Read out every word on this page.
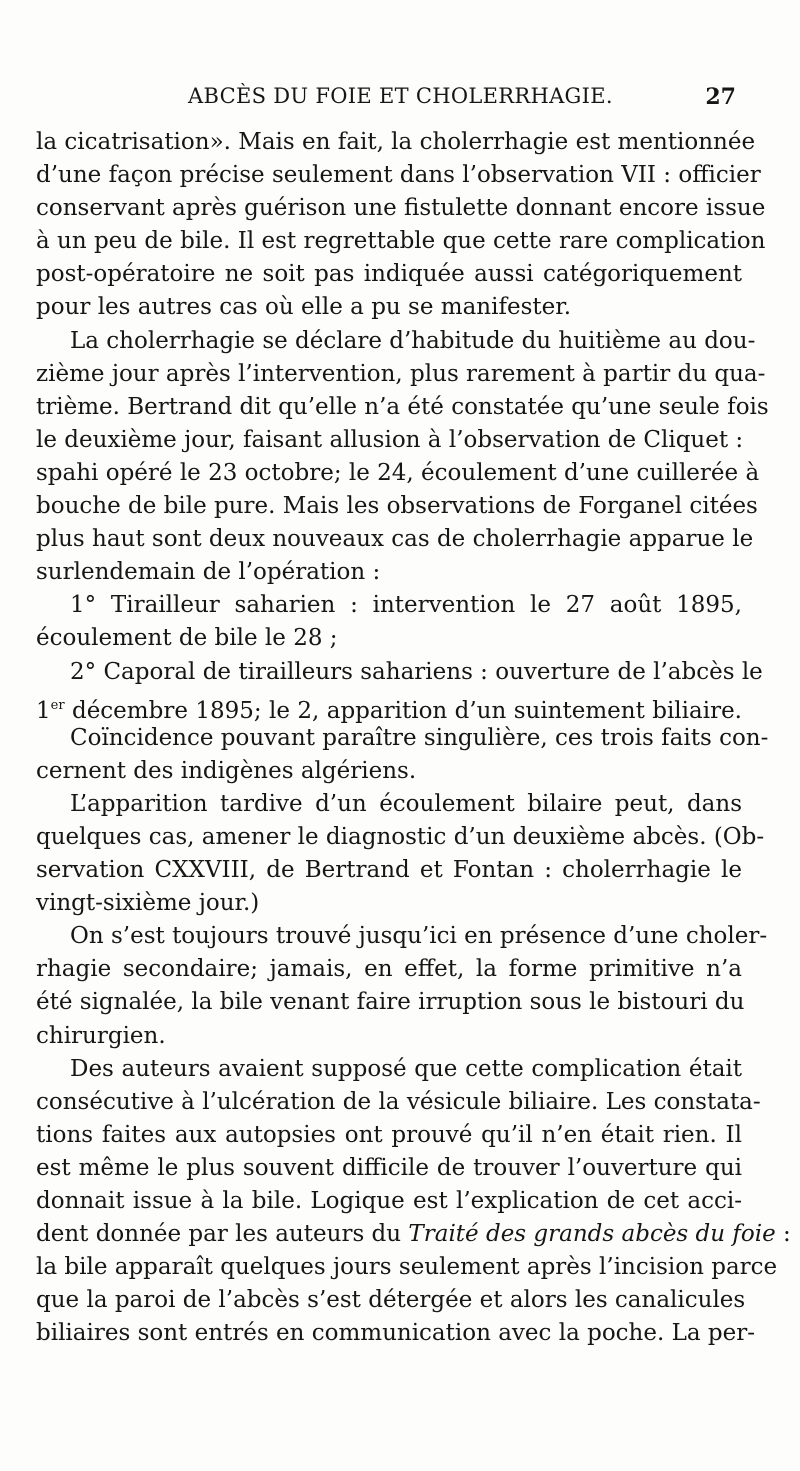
ABCÈS DU FOIE ET CHOLERRHAGIE.	27
la cicatrisation». Mais en fait, la cholerrhagie est mentionnée
d’une façon précise seulement dans l’observation VII : officier
conservant après guérison une fistulette donnant encore issue
à un peu de bile. Il est regrettable que cette rare complication
post-opératoire ne soit pas indiquée aussi catégoriquement
pour les autres cas où elle a pu se manifester.
La cholerrhagie se déclare d’habitude du huitième au dou-
zième jour après l’intervention, plus rarement à partir du qua-
trième. Bertrand dit qu’elle n’a été constatée qu’une seule fois
le deuxième jour, faisant allusion à l’observation de Cliquet :
spahi opéré le 23 octobre; le 24, écoulement d’une cuillerée à
bouche de bile pure. Mais les observations de Forganel citées
plus haut sont deux nouveaux cas de cholerrhagie apparue le
surlendemain de l’opération :
1° Tirailleur saharien : intervention le 27 août 1895,
écoulement de bile le 28 ;
2° Caporal de tirailleurs sahariens : ouverture de l’abcès le
1er décembre 1895; le 2, apparition d’un suintement biliaire.
Coïncidence pouvant paraître singulière, ces trois faits con-
cernent des indigènes algériens.
L’apparition tardive d’un écoulement bilaire peut, dans
quelques cas, amener le diagnostic d’un deuxième abcès. (Ob-
servation CXXVIII, de Bertrand et Fontan : cholerrhagie le
vingt-sixième jour.)
On s’est toujours trouvé jusqu’ici en présence d’une choler-
rhagie secondaire; jamais, en effet, la forme primitive n’a
été signalée, la bile venant faire irruption sous le bistouri du
chirurgien.
Des auteurs avaient supposé que cette complication était
consécutive à l’ulcération de la vésicule biliaire. Les constata-
tions faites aux autopsies ont prouvé qu’il n’en était rien. Il
est même le plus souvent difficile de trouver l’ouverture qui
donnait issue à la bile. Logique est l’explication de cet acci-
dent donnée par les auteurs du Traité des grands abcès du foie :
la bile apparaît quelques jours seulement après l’incision parce
que la paroi de l’abcès s’est détergée et alors les canalicules
biliaires sont entrés en communication avec la poche. La per-
